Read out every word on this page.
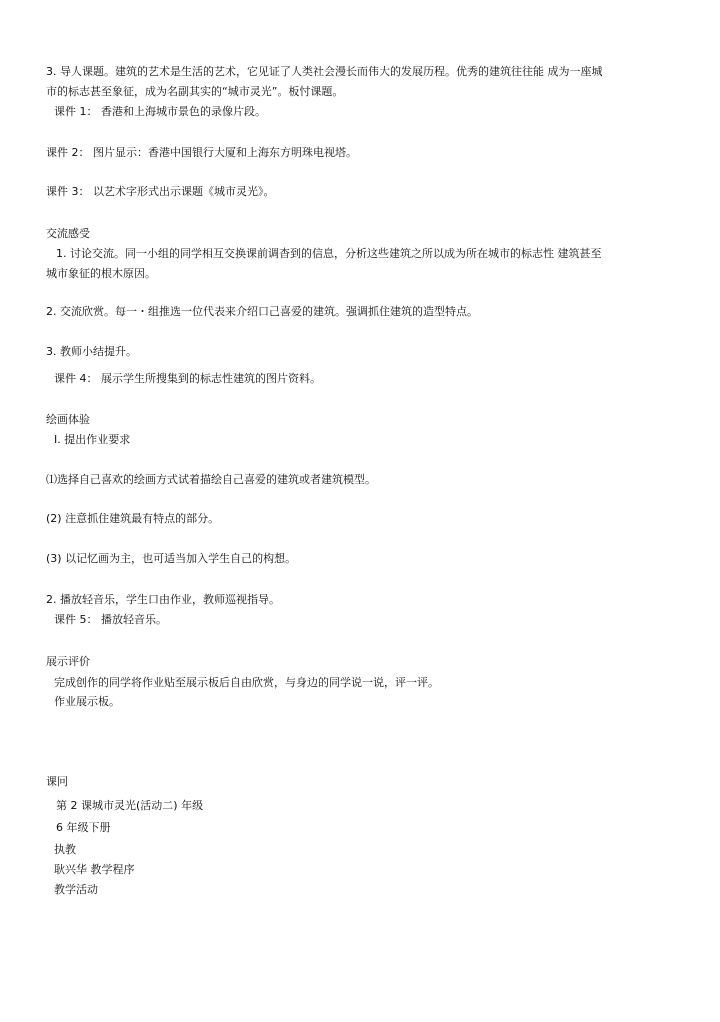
3. 导人课题。建筑的艺术是生活的艺术，它见证了人类社会漫长而伟大的发展历程。优秀的建筑往往能 成为一座城
市的标志甚至象征，成为名副其实的“城市灵光”。板忖课题。
课件 1： 香港和上海城市景色的录像片段。
课件 2： 图片显示：香港中国银行大厦和上海东方明珠电视塔。
课件 3： 以艺术字形式出示课题《城市灵光》。
交流感受
1. 讨论交流。同一小组的同学相互交换课前调杳到的信息，分析这些建筑之所以成为所在城市的标志性 建筑甚至
城市象征的根木原因。
2. 交流欣赏。每一・组推选一位代表来介绍口己喜爱的建筑。强调抓住建筑的造型特点。
3. 教师小结提升。
课件 4： 展示学生所搜集到的标志性建筑的图片资料。
绘画体验
I. 提出作业要求
⑴选择自己喜欢的绘画方式试着描绘自己喜爱的建筑或者建筑模型。
(2) 注意抓住建筑最有特点的部分。
(3) 以记忆画为主，也可适当加入学生自己的构想。
2. 播放轻音乐，学生口由作业，教师巡视指导。
课件 5： 播放轻音乐。
展示评价
完成创作的同学将作业贴至展示板后自由欣赏，与身边的同学说一说，评一评。
作业展示板。
课冋
第 2 课城市灵光(活动二) 年级
6 年级下册
执教
耿兴华 教学程序
教学活动
